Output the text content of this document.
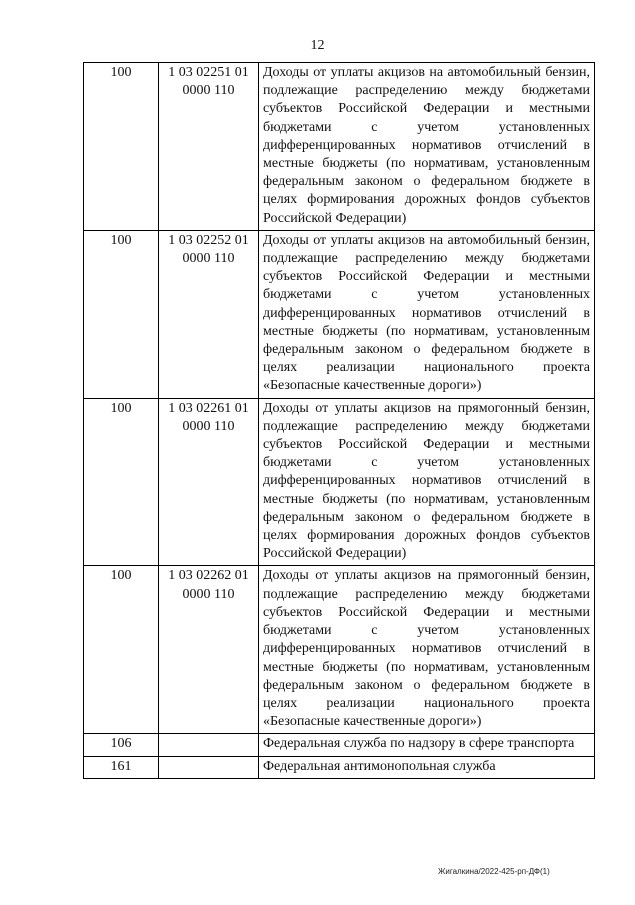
12
100	1 03 02251 01 0000 110	Доходы от уплаты акцизов на автомобильный бензин, подлежащие распределению между бюджетами субъектов Российской Федерации и местными бюджетами с учетом установленных дифференцированных нормативов отчислений в местные бюджеты (по нормативам, установленным федеральным законом о федеральном бюджете в целях формирования дорожных фондов субъектов Российской Федерации)
100	1 03 02252 01 0000 110	Доходы от уплаты акцизов на автомобильный бензин, подлежащие распределению между бюджетами субъектов Российской Федерации и местными бюджетами с учетом установленных дифференцированных нормативов отчислений в местные бюджеты (по нормативам, установленным федеральным законом о федеральном бюджете в целях реализации национального проекта «Безопасные качественные дороги»)
100	1 03 02261 01 0000 110	Доходы от уплаты акцизов на прямогонный бензин, подлежащие распределению между бюджетами субъектов Российской Федерации и местными бюджетами с учетом установленных дифференцированных нормативов отчислений в местные бюджеты (по нормативам, установленным федеральным законом о федеральном бюджете в целях формирования дорожных фондов субъектов Российской Федерации)
100	1 03 02262 01 0000 110	Доходы от уплаты акцизов на прямогонный бензин, подлежащие распределению между бюджетами субъектов Российской Федерации и местными бюджетами с учетом установленных дифференцированных нормативов отчислений в местные бюджеты (по нормативам, установленным федеральным законом о федеральном бюджете в целях реализации национального проекта «Безопасные качественные дороги»)
106		Федеральная служба по надзору в сфере транспорта
161		Федеральная антимонопольная служба
Жигалкина/2022-425-рп-ДФ(1)
